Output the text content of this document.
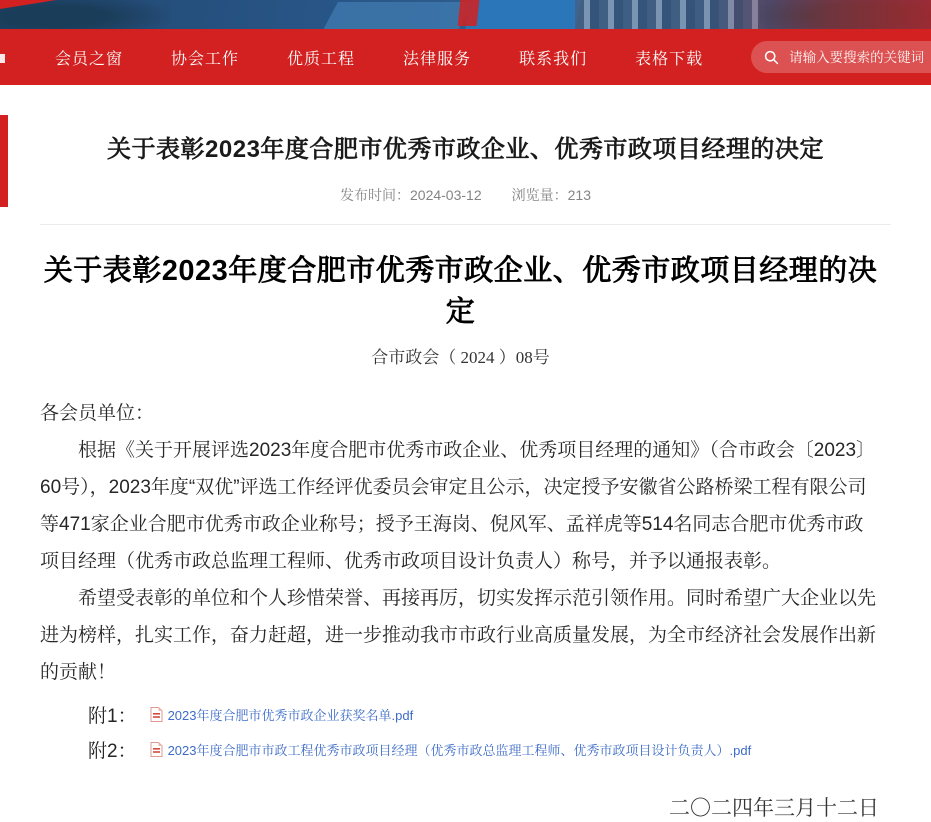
会员之窗	协会工作	优质工程	法律服务	联系我们	表格下载
请输入要搜索的关键词
关于表彰2023年度合肥市优秀市政企业、优秀市政项目经理的决定
发布时间：2024-03-12 浏览量：213
关于表彰2023年度合肥市优秀市政企业、优秀市政项目经理的决定
合市政会（ 2024 ）08号

各会员单位：

根据《关于开展评选2023年度合肥市优秀市政企业、优秀项目经理的通知》（合市政会〔2023〕60号），2023年度“双优”评选工作经评优委员会审定且公示，决定授予安徽省公路桥梁工程有限公司等471家企业合肥市优秀市政企业称号；授予王海岗、倪风军、孟祥虎等514名同志合肥市优秀市政项目经理（优秀市政总监理工程师、优秀市政项目设计负责人）称号，并予以通报表彰。

希望受表彰的单位和个人珍惜荣誉、再接再厉，切实发挥示范引领作用。同时希望广大企业以先进为榜样，扎实工作，奋力赶超，进一步推动我市市政行业高质量发展，为全市经济社会发展作出新的贡献！

附1： 2023年度合肥市优秀市政企业获奖名单.pdf
附2： 2023年度合肥市市政工程优秀市政项目经理（优秀市政总监理工程师、优秀市政项目设计负责人）.pdf
二〇二四年三月十二日
